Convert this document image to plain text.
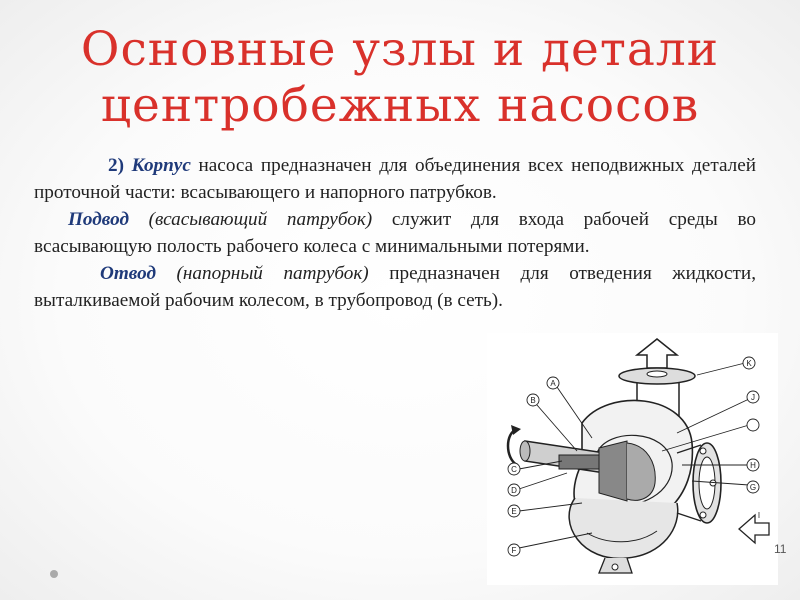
Основные узлы и детали
центробежных насосов

2) Корпус насоса предназначен для объединения всех неподвижных деталей проточной части: всасывающего и напорного патрубков.

Подвод (всасывающий патрубок) служит для входа рабочей среды во всасывающую полость рабочего колеса с минимальными потерями.

Отвод (напорный патрубок) предназначен для отведения жидкости, выталкиваемой рабочим колесом, в трубопровод (в сеть).

A
B
C
D
E
F
G
H
I
J
K
11
